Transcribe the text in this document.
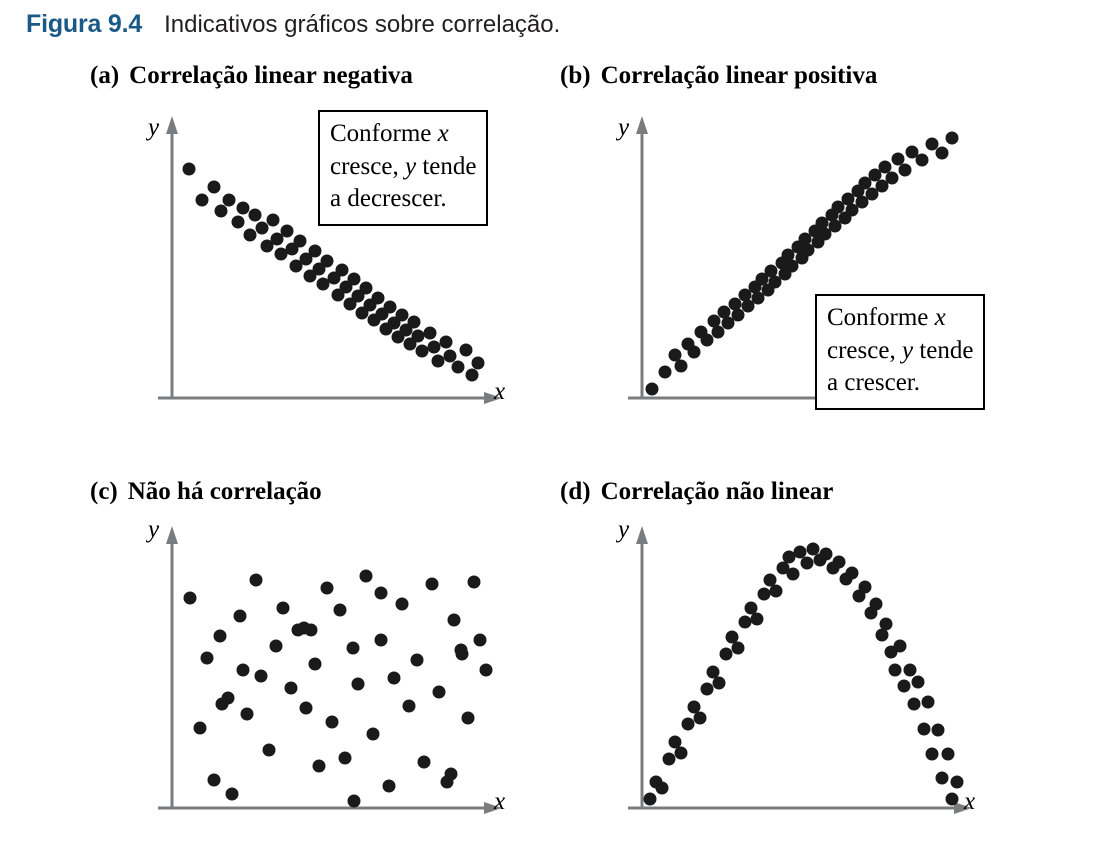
Figura 9.4 Indicativos gráficos sobre correlação.
(a) Correlação linear negativa
y
x
Conforme x
cresce, y tende
a decrescer.
(b) Correlação linear positiva
y
Conforme x
cresce, y tende
a crescer.
(c) Não há correlação
y
x
(d) Correlação não linear
y
x
